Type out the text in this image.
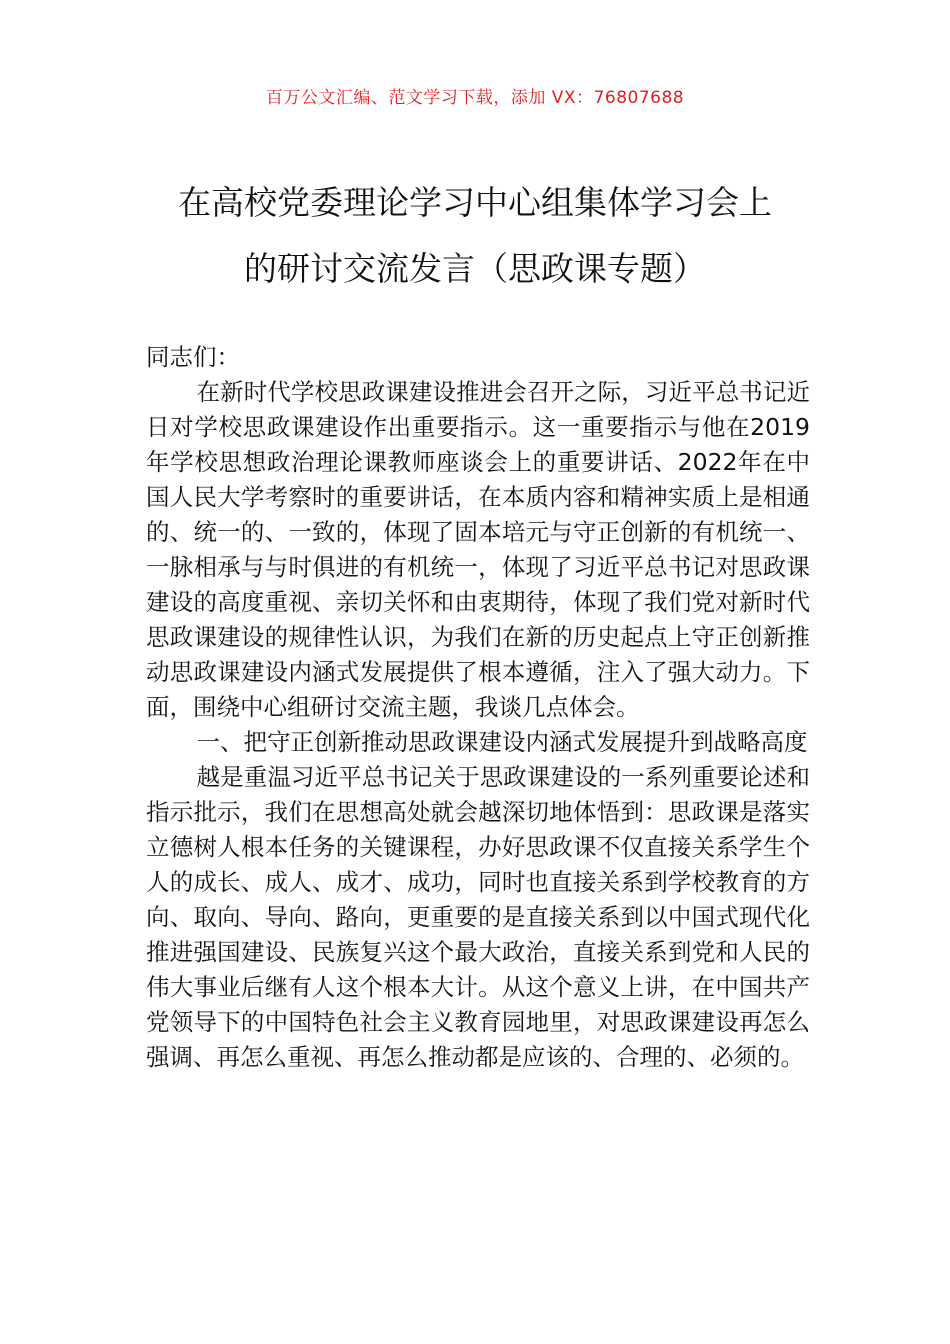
百万公文汇编、范文学习下载，添加 VX：76807688
在高校党委理论学习中心组集体学习会上
的研讨交流发言（思政课专题）

同志们：

在新时代学校思政课建设推进会召开之际，习近平总书记近日对学校思政课建设作出重要指示。这一重要指示与他在2019年学校思想政治理论课教师座谈会上的重要讲话、2022年在中国人民大学考察时的重要讲话，在本质内容和精神实质上是相通的、统一的、一致的，体现了固本培元与守正创新的有机统一、一脉相承与与时俱进的有机统一，体现了习近平总书记对思政课建设的高度重视、亲切关怀和由衷期待，体现了我们党对新时代思政课建设的规律性认识，为我们在新的历史起点上守正创新推动思政课建设内涵式发展提供了根本遵循，注入了强大动力。下面，围绕中心组研讨交流主题，我谈几点体会。

一、把守正创新推动思政课建设内涵式发展提升到战略高度

越是重温习近平总书记关于思政课建设的一系列重要论述和指示批示，我们在思想高处就会越深切地体悟到：思政课是落实立德树人根本任务的关键课程，办好思政课不仅直接关系学生个人的成长、成人、成才、成功，同时也直接关系到学校教育的方向、取向、导向、路向，更重要的是直接关系到以中国式现代化推进强国建设、民族复兴这个最大政治，直接关系到党和人民的伟大事业后继有人这个根本大计。从这个意义上讲，在中国共产党领导下的中国特色社会主义教育园地里，对思政课建设再怎么强调、再怎么重视、再怎么推动都是应该的、合理的、必须的。
